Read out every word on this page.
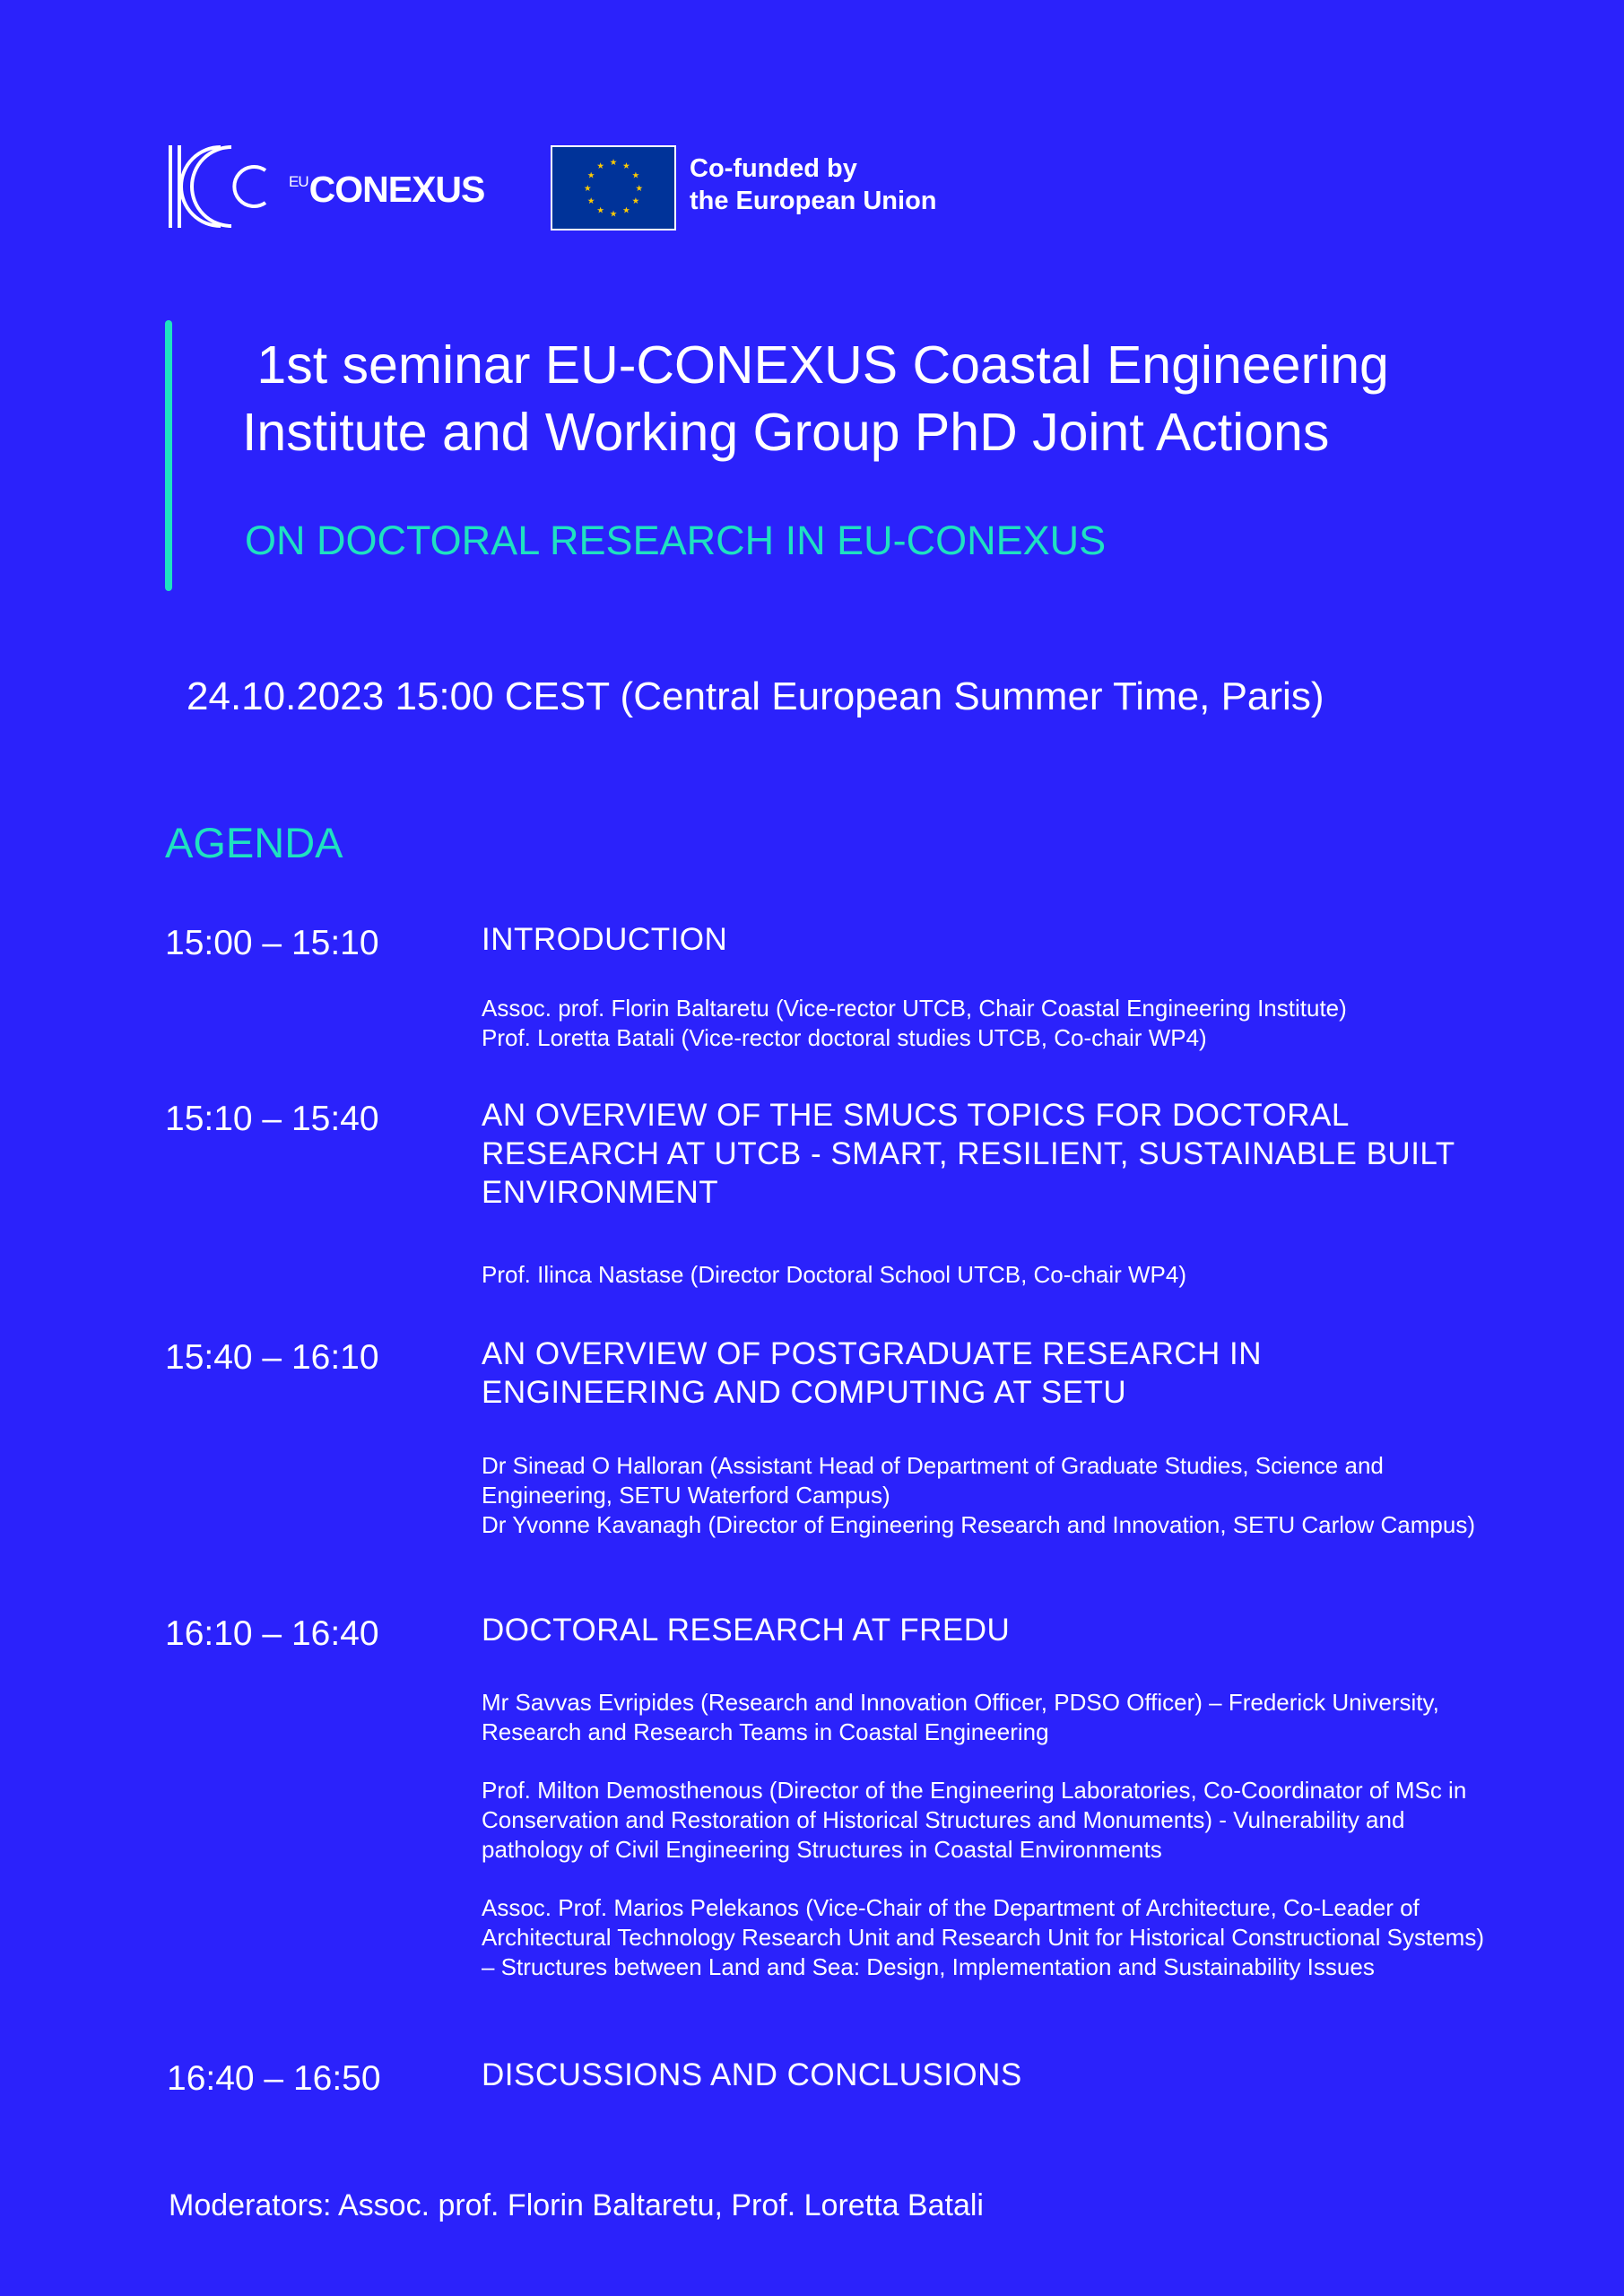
$^{EU}$CONEXUS
★ ★
★
★
★
★
★
★
★
★
★
★	Co-funded by
the European Union
1st seminar EU-CONEXUS Coastal Engineering Institute and Working Group PhD Joint Actions
ON DOCTORAL RESEARCH IN EU-CONEXUS
24.10.2023 15:00 CEST (Central European Summer Time, Paris)
AGENDA
15:00 – 15:10	INTRODUCTION

Assoc. prof. Florin Baltaretu (Vice-rector UTCB, Chair Coastal Engineering Institute)

Prof. Loretta Batali (Vice-rector doctoral studies UTCB, Co-chair WP4)

15:10 – 15:40	AN OVERVIEW OF THE SMUCS TOPICS FOR DOCTORAL RESEARCH AT UTCB - SMART, RESILIENT, SUSTAINABLE BUILT ENVIRONMENT

Prof. Ilinca Nastase (Director Doctoral School UTCB, Co-chair WP4)

15:40 – 16:10	AN OVERVIEW OF POSTGRADUATE RESEARCH IN ENGINEERING AND COMPUTING AT SETU

Dr Sinead O Halloran (Assistant Head of Department of Graduate Studies, Science and Engineering, SETU Waterford Campus)

Dr Yvonne Kavanagh (Director of Engineering Research and Innovation, SETU Carlow Campus)

16:10 – 16:40	DOCTORAL RESEARCH AT FREDU

Mr Savvas Evripides (Research and Innovation Officer, PDSO Officer) – Frederick University, Research and Research Teams in Coastal Engineering

Prof. Milton Demosthenous (Director of the Engineering Laboratories, Co-Coordinator of MSc in Conservation and Restoration of Historical Structures and Monuments) - Vulnerability and pathology of Civil Engineering Structures in Coastal Environments

Assoc. Prof. Marios Pelekanos (Vice-Chair of the Department of Architecture, Co-Leader of Architectural Technology Research Unit and Research Unit for Historical Constructional Systems) – Structures between Land and Sea: Design, Implementation and Sustainability Issues

16:40 – 16:50	DISCUSSIONS AND CONCLUSIONS
Moderators: Assoc. prof. Florin Baltaretu, Prof. Loretta Batali
